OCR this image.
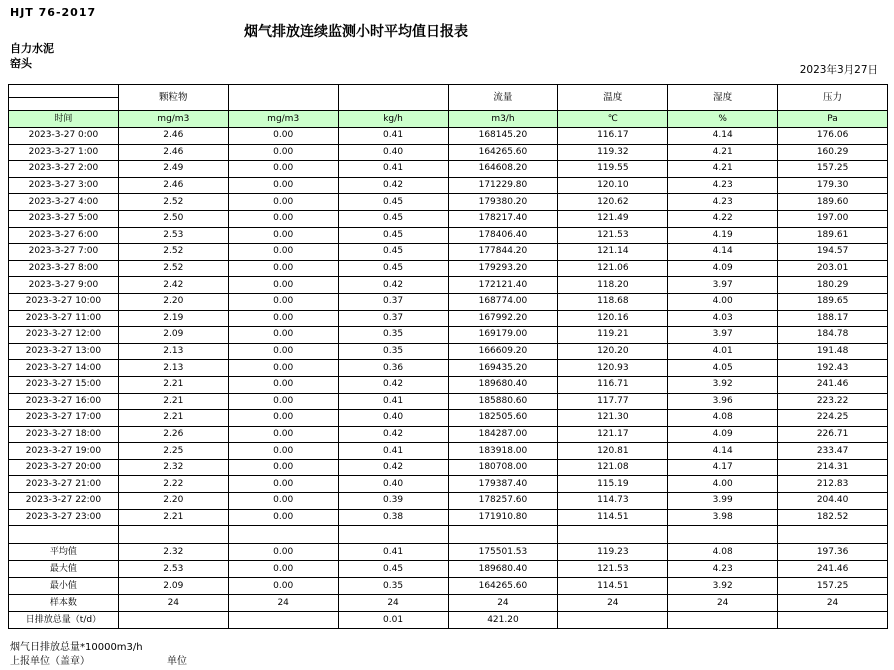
HJT 76-2017
烟气排放连续监测小时平均值日报表
自力水泥
窑头	2023年3月27日
	颗粒物			流量	温度	湿度	压力

时间	mg/m3	mg/m3	kg/h	m3/h	℃	%	Pa
2023-3-27 0:00	2.46	0.00	0.41	168145.20	116.17	4.14	176.06
2023-3-27 1:00	2.46	0.00	0.40	164265.60	119.32	4.21	160.29
2023-3-27 2:00	2.49	0.00	0.41	164608.20	119.55	4.21	157.25
2023-3-27 3:00	2.46	0.00	0.42	171229.80	120.10	4.23	179.30
2023-3-27 4:00	2.52	0.00	0.45	179380.20	120.62	4.23	189.60
2023-3-27 5:00	2.50	0.00	0.45	178217.40	121.49	4.22	197.00
2023-3-27 6:00	2.53	0.00	0.45	178406.40	121.53	4.19	189.61
2023-3-27 7:00	2.52	0.00	0.45	177844.20	121.14	4.14	194.57
2023-3-27 8:00	2.52	0.00	0.45	179293.20	121.06	4.09	203.01
2023-3-27 9:00	2.42	0.00	0.42	172121.40	118.20	3.97	180.29
2023-3-27 10:00	2.20	0.00	0.37	168774.00	118.68	4.00	189.65
2023-3-27 11:00	2.19	0.00	0.37	167992.20	120.16	4.03	188.17
2023-3-27 12:00	2.09	0.00	0.35	169179.00	119.21	3.97	184.78
2023-3-27 13:00	2.13	0.00	0.35	166609.20	120.20	4.01	191.48
2023-3-27 14:00	2.13	0.00	0.36	169435.20	120.93	4.05	192.43
2023-3-27 15:00	2.21	0.00	0.42	189680.40	116.71	3.92	241.46
2023-3-27 16:00	2.21	0.00	0.41	185880.60	117.77	3.96	223.22
2023-3-27 17:00	2.21	0.00	0.40	182505.60	121.30	4.08	224.25
2023-3-27 18:00	2.26	0.00	0.42	184287.00	121.17	4.09	226.71
2023-3-27 19:00	2.25	0.00	0.41	183918.00	120.81	4.14	233.47
2023-3-27 20:00	2.32	0.00	0.42	180708.00	121.08	4.17	214.31
2023-3-27 21:00	2.22	0.00	0.40	179387.40	115.19	4.00	212.83
2023-3-27 22:00	2.20	0.00	0.39	178257.60	114.73	3.99	204.40
2023-3-27 23:00	2.21	0.00	0.38	171910.80	114.51	3.98	182.52

平均值	2.32	0.00	0.41	175501.53	119.23	4.08	197.36
最大值	2.53	0.00	0.45	189680.40	121.53	4.23	241.46
最小值	2.09	0.00	0.35	164265.60	114.51	3.92	157.25
样本数	24	24	24	24	24	24	24
日排放总量（t/d）			0.01	421.20			
烟气日排放总量*10000m3/h
上报单位（盖章）	单位
